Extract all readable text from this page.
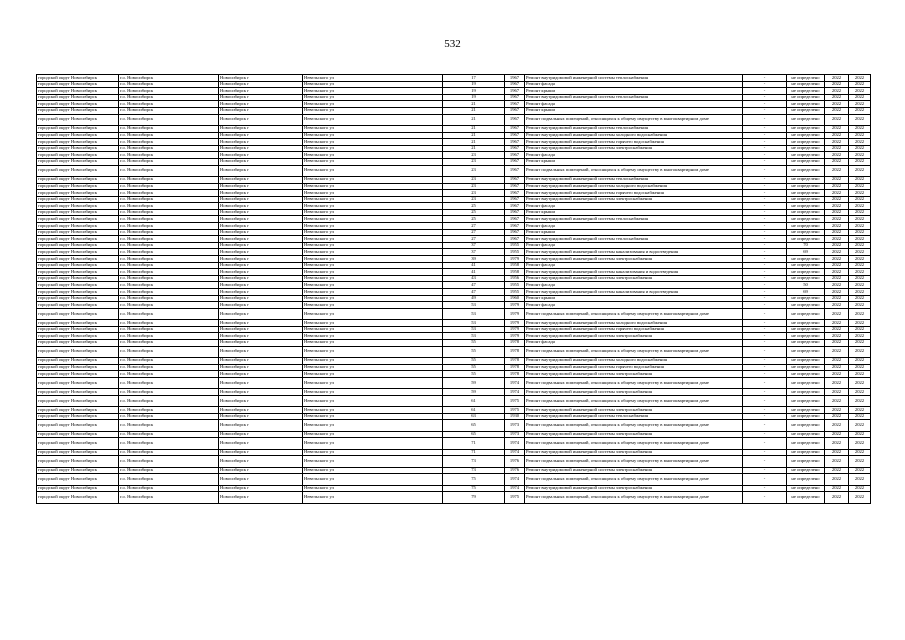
532
городской округ Новосибирск	г.о. Новосибирск	Новосибирск г	Невельского ул	17	1967	Ремонт внутридомовой инженерной системы теплоснабжения	-	не определено	2022	2022
городской округ Новосибирск	г.о. Новосибирск	Новосибирск г	Невельского ул	19	1967	Ремонт фасада	-	не определено	2022	2022
городской округ Новосибирск	г.о. Новосибирск	Новосибирск г	Невельского ул	19	1967	Ремонт крыши	-	не определено	2022	2022
городской округ Новосибирск	г.о. Новосибирск	Новосибирск г	Невельского ул	19	1967	Ремонт внутридомовой инженерной системы теплоснабжения	-	не определено	2022	2022
городской округ Новосибирск	г.о. Новосибирск	Новосибирск г	Невельского ул	21	1967	Ремонт фасада	-	не определено	2022	2022
городской округ Новосибирск	г.о. Новосибирск	Новосибирск г	Невельского ул	21	1967	Ремонт крыши	-	не определено	2022	2022
городской округ Новосибирск	г.о. Новосибирск	Новосибирск г	Невельского ул	21	1967	Ремонт подвальных помещений, относящихся к общему имуществу в многоквартирном доме	-	не определено	2022	2022
городской округ Новосибирск	г.о. Новосибирск	Новосибирск г	Невельского ул	21	1967	Ремонт внутридомовой инженерной системы теплоснабжения	-	не определено	2022	2022
городской округ Новосибирск	г.о. Новосибирск	Новосибирск г	Невельского ул	21	1967	Ремонт внутридомовой инженерной системы холодного водоснабжения	-	не определено	2022	2022
городской округ Новосибирск	г.о. Новосибирск	Новосибирск г	Невельского ул	21	1967	Ремонт внутридомовой инженерной системы горячего водоснабжения	-	не определено	2022	2022
городской округ Новосибирск	г.о. Новосибирск	Новосибирск г	Невельского ул	21	1967	Ремонт внутридомовой инженерной системы электроснабжения	-	не определено	2022	2022
городской округ Новосибирск	г.о. Новосибирск	Новосибирск г	Невельского ул	23	1967	Ремонт фасада	-	не определено	2022	2022
городской округ Новосибирск	г.о. Новосибирск	Новосибирск г	Невельского ул	23	1967	Ремонт крыши	-	не определено	2022	2022
городской округ Новосибирск	г.о. Новосибирск	Новосибирск г	Невельского ул	23	1967	Ремонт подвальных помещений, относящихся к общему имуществу в многоквартирном доме	-	не определено	2022	2022
городской округ Новосибирск	г.о. Новосибирск	Новосибирск г	Невельского ул	23	1967	Ремонт внутридомовой инженерной системы теплоснабжения	-	не определено	2022	2022
городской округ Новосибирск	г.о. Новосибирск	Новосибирск г	Невельского ул	23	1967	Ремонт внутридомовой инженерной системы холодного водоснабжения	-	не определено	2022	2022
городской округ Новосибирск	г.о. Новосибирск	Новосибирск г	Невельского ул	23	1967	Ремонт внутридомовой инженерной системы горячего водоснабжения	-	не определено	2022	2022
городской округ Новосибирск	г.о. Новосибирск	Новосибирск г	Невельского ул	23	1967	Ремонт внутридомовой инженерной системы электроснабжения	-	не определено	2022	2022
городской округ Новосибирск	г.о. Новосибирск	Новосибирск г	Невельского ул	25	1967	Ремонт фасада	-	не определено	2022	2022
городской округ Новосибирск	г.о. Новосибирск	Новосибирск г	Невельского ул	25	1967	Ремонт крыши	-	не определено	2022	2022
городской округ Новосибирск	г.о. Новосибирск	Новосибирск г	Невельского ул	25	1967	Ремонт внутридомовой инженерной системы теплоснабжения	-	не определено	2022	2022
городской округ Новосибирск	г.о. Новосибирск	Новосибирск г	Невельского ул	27	1967	Ремонт фасада	-	не определено	2022	2022
городской округ Новосибирск	г.о. Новосибирск	Новосибирск г	Невельского ул	27	1967	Ремонт крыши	-	не определено	2022	2022
городской округ Новосибирск	г.о. Новосибирск	Новосибирск г	Невельского ул	27	1967	Ремонт внутридомовой инженерной системы теплоснабжения	-	не определено	2022	2022
городской округ Новосибирск	г.о. Новосибирск	Новосибирск г	Невельского ул	37	1955	Ремонт фасада	-	70	2022	2022
городской округ Новосибирск	г.о. Новосибирск	Новосибирск г	Невельского ул	37	1955	Ремонт внутридомовой инженерной системы канализования и водоотведения	-	69	2022	2022
городской округ Новосибирск	г.о. Новосибирск	Новосибирск г	Невельского ул	39	1979	Ремонт внутридомовой инженерной системы электроснабжения	-	не определено	2022	2022
городской округ Новосибирск	г.о. Новосибирск	Новосибирск г	Невельского ул	41	1958	Ремонт фасада	-	не определено	2022	2022
городской округ Новосибирск	г.о. Новосибирск	Новосибирск г	Невельского ул	41	1958	Ремонт внутридомовой инженерной системы канализования и водоотведения	-	не определено	2022	2022
городской округ Новосибирск	г.о. Новосибирск	Новосибирск г	Невельского ул	43	1956	Ремонт внутридомовой инженерной системы электроснабжения	-	не определено	2022	2022
городской округ Новосибирск	г.о. Новосибирск	Новосибирск г	Невельского ул	47	1955	Ремонт фасада	-	50	2022	2022
городской округ Новосибирск	г.о. Новосибирск	Новосибирск г	Невельского ул	47	1955	Ремонт внутридомовой инженерной системы канализования и водоотведения	-	69	2022	2022
городской округ Новосибирск	г.о. Новосибирск	Новосибирск г	Невельского ул	49	1960	Ремонт крыши	-	не определено	2022	2022
городской округ Новосибирск	г.о. Новосибирск	Новосибирск г	Невельского ул	53	1979	Ремонт фасада	-	не определено	2022	2022
городской округ Новосибирск	г.о. Новосибирск	Новосибирск г	Невельского ул	53	1979	Ремонт подвальных помещений, относящихся к общему имуществу в многоквартирном доме	-	не определено	2022	2022
городской округ Новосибирск	г.о. Новосибирск	Новосибирск г	Невельского ул	53	1979	Ремонт внутридомовой инженерной системы холодного водоснабжения	-	не определено	2022	2022
городской округ Новосибирск	г.о. Новосибирск	Новосибирск г	Невельского ул	53	1979	Ремонт внутридомовой инженерной системы горячего водоснабжения	-	не определено	2022	2022
городской округ Новосибирск	г.о. Новосибирск	Новосибирск г	Невельского ул	53	1979	Ремонт внутридомовой инженерной системы электроснабжения	-	не определено	2022	2022
городской округ Новосибирск	г.о. Новосибирск	Новосибирск г	Невельского ул	55	1978	Ремонт фасада	-	не определено	2022	2022
городской округ Новосибирск	г.о. Новосибирск	Новосибирск г	Невельского ул	55	1978	Ремонт подвальных помещений, относящихся к общему имуществу в многоквартирном доме	-	не определено	2022	2022
городской округ Новосибирск	г.о. Новосибирск	Новосибирск г	Невельского ул	55	1978	Ремонт внутридомовой инженерной системы холодного водоснабжения	-	не определено	2022	2022
городской округ Новосибирск	г.о. Новосибирск	Новосибирск г	Невельского ул	55	1978	Ремонт внутридомовой инженерной системы горячего водоснабжения	-	не определено	2022	2022
городской округ Новосибирск	г.о. Новосибирск	Новосибирск г	Невельского ул	55	1978	Ремонт внутридомовой инженерной системы электроснабжения	-	не определено	2022	2022
городской округ Новосибирск	г.о. Новосибирск	Новосибирск г	Невельского ул	59	1974	Ремонт подвальных помещений, относящихся к общему имуществу в многоквартирном доме	-	не определено	2022	2022
городской округ Новосибирск	г.о. Новосибирск	Новосибирск г	Невельского ул	59	1974	Ремонт внутридомовой инженерной системы электроснабжения	-	не определено	2022	2022
городской округ Новосибирск	г.о. Новосибирск	Новосибирск г	Невельского ул	61	1975	Ремонт подвальных помещений, относящихся к общему имуществу в многоквартирном доме	-	не определено	2022	2022
городской округ Новосибирск	г.о. Новосибирск	Новосибирск г	Невельского ул	61	1975	Ремонт внутридомовой инженерной системы электроснабжения	-	не определено	2022	2022
городской округ Новосибирск	г.о. Новосибирск	Новосибирск г	Невельского ул	63	1930	Ремонт внутридомовой инженерной системы теплоснабжения	-	не определено	2022	2022
городской округ Новосибирск	г.о. Новосибирск	Новосибирск г	Невельского ул	65	1973	Ремонт подвальных помещений, относящихся к общему имуществу в многоквартирном доме	-	не определено	2022	2022
городской округ Новосибирск	г.о. Новосибирск	Новосибирск г	Невельского ул	65	1973	Ремонт внутридомовой инженерной системы электроснабжения	-	не определено	2022	2022
городской округ Новосибирск	г.о. Новосибирск	Новосибирск г	Невельского ул	71	1974	Ремонт подвальных помещений, относящихся к общему имуществу в многоквартирном доме	-	не определено	2022	2022
городской округ Новосибирск	г.о. Новосибирск	Новосибирск г	Невельского ул	71	1974	Ремонт внутридомовой инженерной системы электроснабжения	-	не определено	2022	2022
городской округ Новосибирск	г.о. Новосибирск	Новосибирск г	Невельского ул	73	1976	Ремонт подвальных помещений, относящихся к общему имуществу в многоквартирном доме	-	не определено	2022	2022
городской округ Новосибирск	г.о. Новосибирск	Новосибирск г	Невельского ул	73	1976	Ремонт внутридомовой инженерной системы электроснабжения	-	не определено	2022	2022
городской округ Новосибирск	г.о. Новосибирск	Новосибирск г	Невельского ул	75	1974	Ремонт подвальных помещений, относящихся к общему имуществу в многоквартирном доме	-	не определено	2022	2022
городской округ Новосибирск	г.о. Новосибирск	Новосибирск г	Невельского ул	75	1974	Ремонт внутридомовой инженерной системы электроснабжения	-	не определено	2022	2022
городской округ Новосибирск	г.о. Новосибирск	Новосибирск г	Невельского ул	79	1975	Ремонт подвальных помещений, относящихся к общему имуществу в многоквартирном доме	-	не определено	2022	2022
